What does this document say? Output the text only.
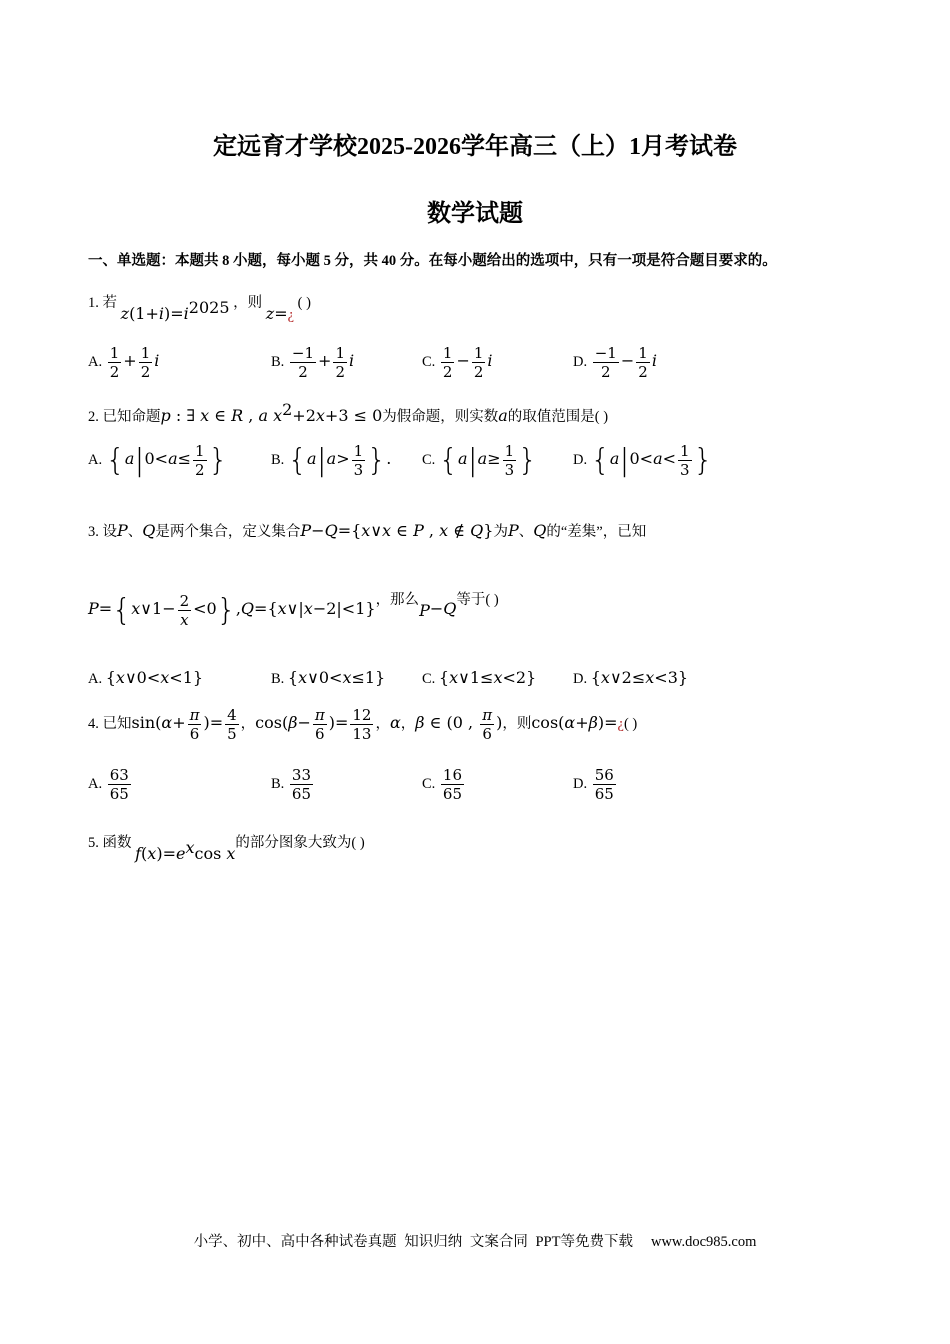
定远育才学校2025-2026学年高三（上）1月考试卷
数学试题
一、单选题：本题共 8 小题，每小题 5 分，共 40 分。在每小题给出的选项中，只有一项是符合题目要求的。
1. 若 $z(1+i)=i^{2025}$ ，则 z=¿ ( )
A. $\frac{1}{2} + \frac{1}{2}$ i	B. $\frac{-1}{2} + \frac{1}{2}$ i	C. $\frac{1}{2} - \frac{1}{2}$ i	D. $\frac{-1}{2} - \frac{1}{2}$ i
2. 已知命题p : ∃ x ∈ R , a $x^2+2x+3 \le 0$为假命题，则实数a的取值范围是( )
A. {$a|0<a\le \frac{1}{2}$ }	B. {$a|a> \frac{1}{3}$ }. C. {$a|a\ge \frac{1}{3}$ } D. {$a|0<a< \frac{1}{3}$ }
3. 设P、Q是两个集合，定义集合P−Q={x∨x ∈ P , x ∉ Q}为P、Q的“差集”，已知
P={x∨1− $\frac{2}{x}$ <0},Q={x∨|x−2|<1}，那么P−Q等于( )
A. {x∨0<x<1}	B. {x∨0<x≤1}	C. {x∨1≤x<2}	D. {x∨2≤x<3}
4. 已知$\sin(\alpha+ \frac{\pi}{6}$ )= $\frac{4}{5}$ ，$\cos(\beta- \frac{\pi}{6}$ )= $\frac{12}{13}$ ，α，β ∈ (0 , $\frac{\pi}{6}$ )，则cos(α+β)=¿( )
A. $\frac{63}{65}$	B. $\frac{33}{65}$	C. $\frac{16}{65}$	D. $\frac{56}{65}$
5. 函数 $f(x)=e^x\cos$ x的部分图象大致为( )
小学、初中、高中各种试卷真题 知识归纳 文案合同 PPT等免费下载 www.doc985.com
